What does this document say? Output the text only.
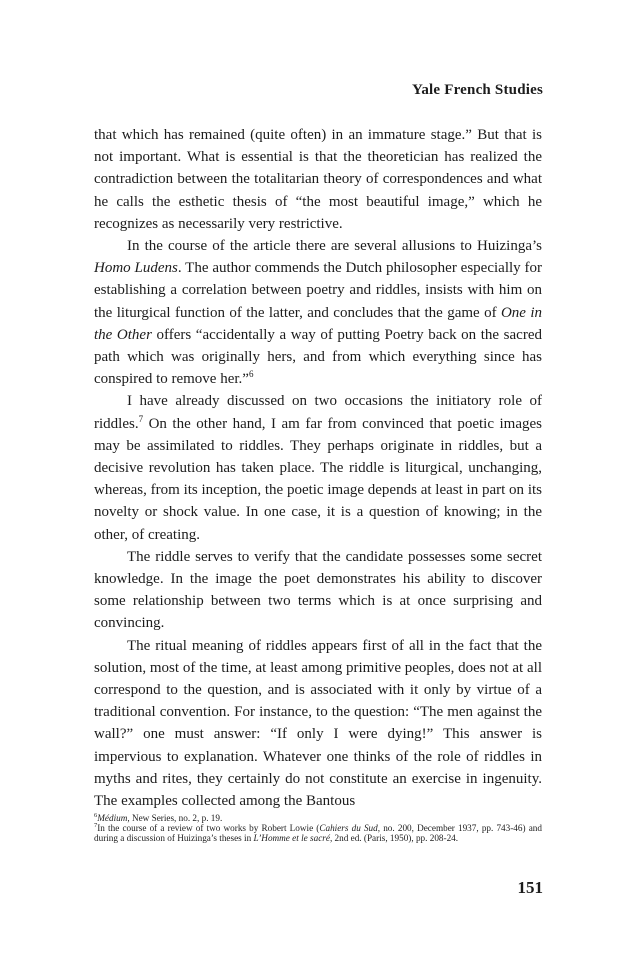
Yale French Studies

that which has remained (quite often) in an immature stage.” But that is not important. What is essential is that the theoretician has realized the contradiction between the totalitarian theory of correspondences and what he calls the esthetic thesis of “the most beautiful image,” which he recognizes as necessarily very restrictive.

In the course of the article there are several allusions to Huizinga’s Homo Ludens. The author commends the Dutch philosopher especially for establishing a correlation between poetry and riddles, insists with him on the liturgical function of the latter, and concludes that the game of One in the Other offers “accidentally a way of putting Poetry back on the sacred path which was originally hers, and from which everything since has conspired to remove her.”$^6$

I have already discussed on two occasions the initiatory role of riddles.$^7$ On the other hand, I am far from convinced that poetic images may be assimilated to riddles. They perhaps originate in riddles, but a decisive revolution has taken place. The riddle is liturgical, unchanging, whereas, from its inception, the poetic image depends at least in part on its novelty or shock value. In one case, it is a question of knowing; in the other, of creating.

The riddle serves to verify that the candidate possesses some secret knowledge. In the image the poet demonstrates his ability to discover some relationship between two terms which is at once surprising and convincing.

The ritual meaning of riddles appears first of all in the fact that the solution, most of the time, at least among primitive peoples, does not at all correspond to the question, and is associated with it only by virtue of a traditional convention. For instance, to the question: “The men against the wall?” one must answer: “If only I were dying!” This answer is impervious to explanation. Whatever one thinks of the role of riddles in myths and rites, they certainly do not constitute an exercise in ingenuity. The examples collected among the Bantous

$^6$Médium, New Series, no. 2, p. 19.

$^7$In the course of a review of two works by Robert Lowie (Cahiers du Sud, no. 200, December 1937, pp. 743-46) and during a discussion of Huizinga’s theses in L’Homme et le sacré, 2nd ed. (Paris, 1950), pp. 208-24.

151
